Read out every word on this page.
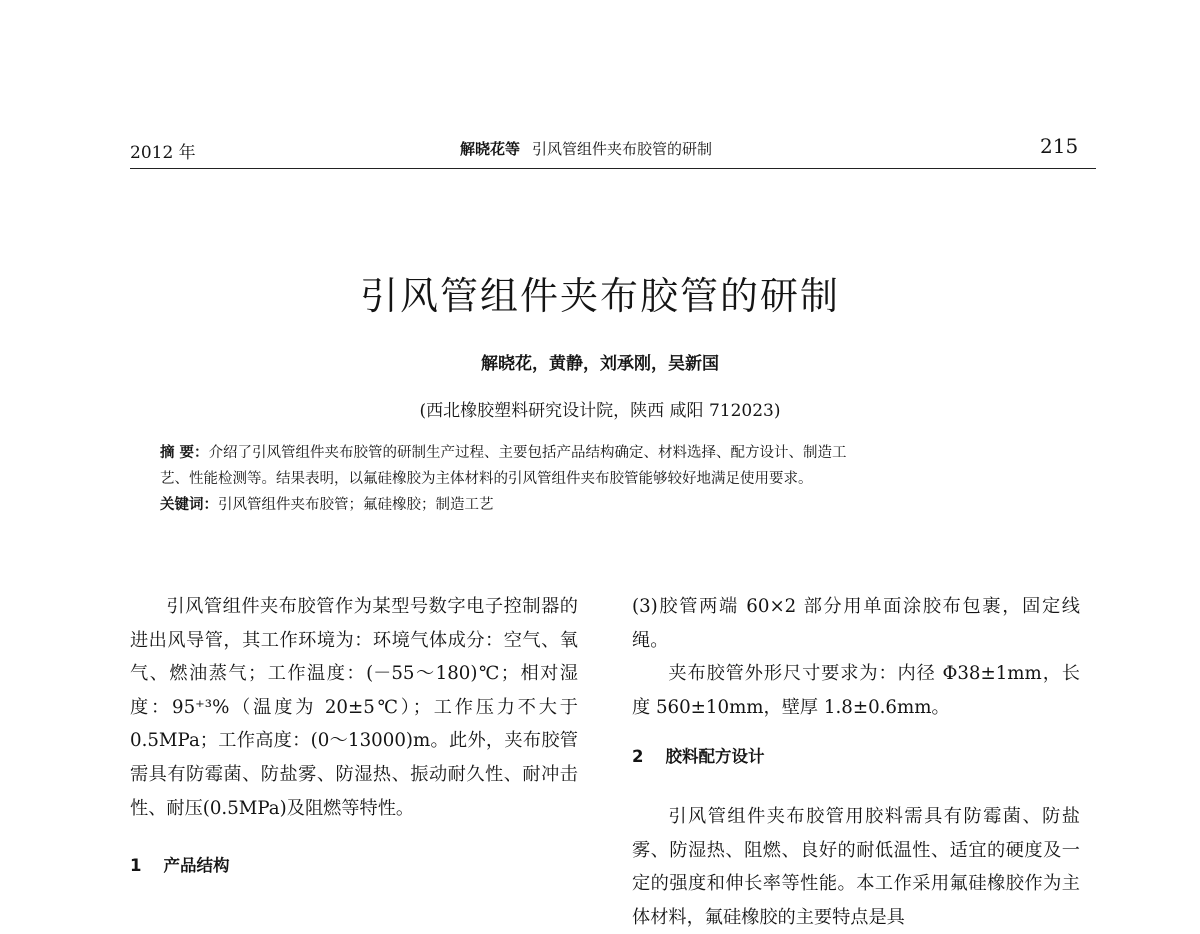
2012 年	解晓花等 引风管组件夹布胶管的研制	215
引风管组件夹布胶管的研制
解晓花，黄静，刘承刚，吴新国
(西北橡胶塑料研究设计院，陕西 咸阳 712023)
摘 要：介绍了引风管组件夹布胶管的研制生产过程、主要包括产品结构确定、材料选择、配方设计、制造工
艺、性能检测等。结果表明，以氟硅橡胶为主体材料的引风管组件夹布胶管能够较好地满足使用要求。
关键词：引风管组件夹布胶管；氟硅橡胶；制造工艺

引风管组件夹布胶管作为某型号数字电子控制器的进出风导管，其工作环境为：环境气体成分：空气、氧气、燃油蒸气；工作温度：(－55～180)℃；相对湿度：95⁺³%（温度为 20±5℃）；工作压力不大于 0.5MPa；工作高度：(0～13000)m。此外，夹布胶管需具有防霉菌、防盐雾、防湿热、振动耐久性、耐冲击性、耐压(0.5MPa)及阻燃等特性。

1 产品结构

(3)胶管两端 60×2 部分用单面涂胶布包裹，固定线绳。

夹布胶管外形尺寸要求为：内径 Φ38±1mm，长度 560±10mm，壁厚 1.8±0.6mm。

2 胶料配方设计

引风管组件夹布胶管用胶料需具有防霉菌、防盐雾、防湿热、阻燃、良好的耐低温性、适宜的硬度及一定的强度和伸长率等性能。本工作采用氟硅橡胶作为主体材料，氟硅橡胶的主要特点是具
